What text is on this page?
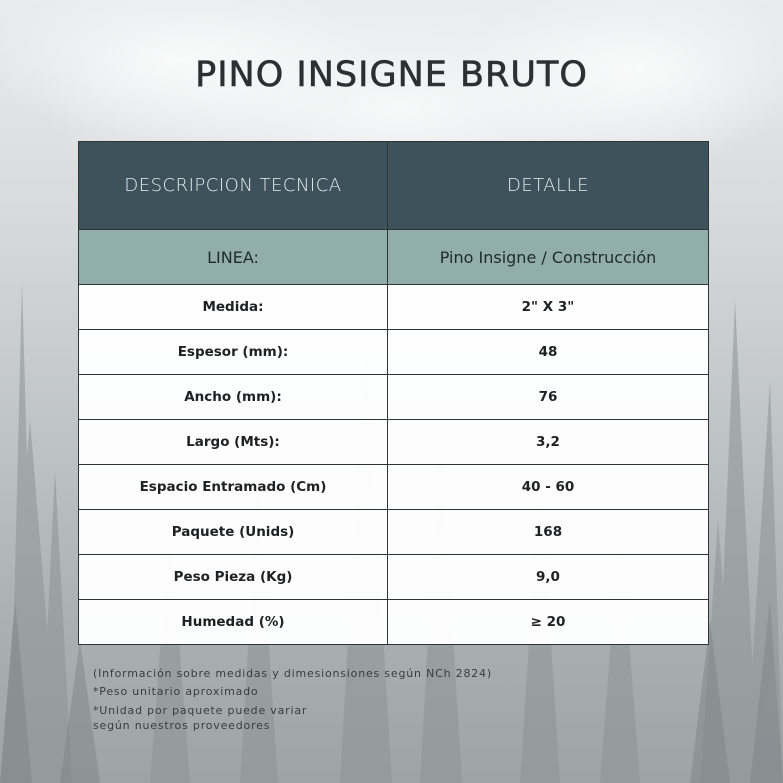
PINO INSIGNE BRUTO
DESCRIPCION TECNICA	DETALLE
LINEA:	Pino Insigne / Construcción
Medida:	2" X 3"
Espesor (mm):	48
Ancho (mm):	76
Largo (Mts):	3,2
Espacio Entramado (Cm)	40 - 60
Paquete (Unids)	168
Peso Pieza (Kg)	9,0
Humedad (%)	≥ 20
(Información sobre medidas y dimesionsiones según NCh 2824)
*Peso unitario aproximado
*Unidad por paquete puede variar según nuestros proveedores
